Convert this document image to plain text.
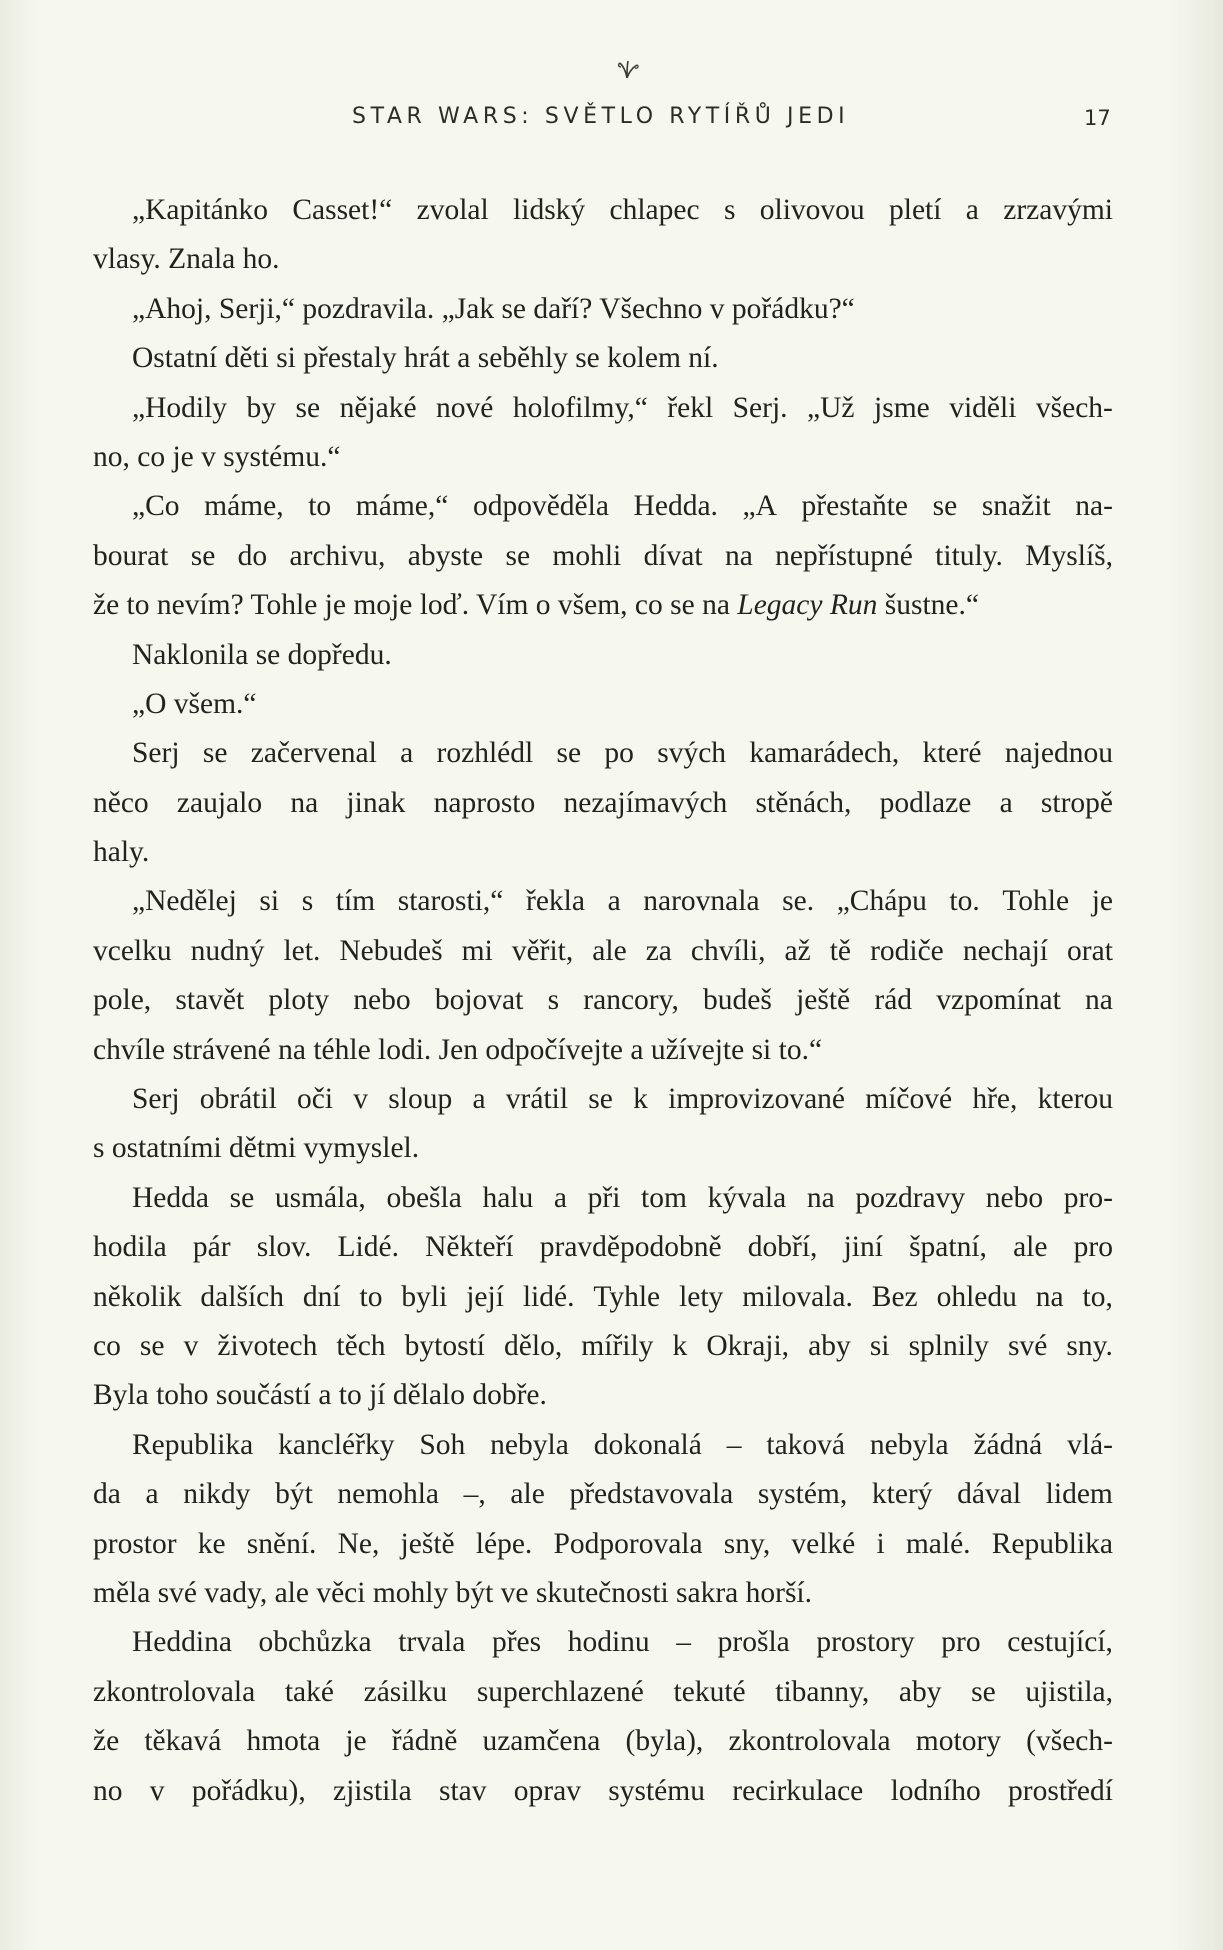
STAR WARS: SVĚTLO RYTÍŘŮ JEDI	17
„Kapitánko Casset!“ zvolal lidský chlapec s olivovou pletí a zrzavými
vlasy. Znala ho.
„Ahoj, Serji,“ pozdravila. „Jak se daří? Všechno v pořádku?“
Ostatní děti si přestaly hrát a seběhly se kolem ní.
„Hodily by se nějaké nové holofilmy,“ řekl Serj. „Už jsme viděli všech-
no, co je v systému.“
„Co máme, to máme,“ odpověděla Hedda. „A přestaňte se snažit na-
bourat se do archivu, abyste se mohli dívat na nepřístupné tituly. Myslíš,
že to nevím? Tohle je moje loď. Vím o všem, co se na
Legacy Run
šustne.“
Naklonila se dopředu.
„O všem.“
Serj se začervenal a rozhlédl se po svých kamarádech, které najednou
něco zaujalo na jinak naprosto nezajímavých stěnách, podlaze a stropě
haly.
„Nedělej si s tím starosti,“ řekla a narovnala se. „Chápu to. Tohle je
vcelku nudný let. Nebudeš mi věřit, ale za chvíli, až tě rodiče nechají orat
pole, stavět ploty nebo bojovat s rancory, budeš ještě rád vzpomínat na
chvíle strávené na téhle lodi. Jen odpočívejte a užívejte si to.“
Serj obrátil oči v sloup a vrátil se k improvizované míčové hře, kterou
s ostatními dětmi vymyslel.
Hedda se usmála, obešla halu a při tom kývala na pozdravy nebo pro-
hodila pár slov. Lidé. Někteří pravděpodobně dobří, jiní špatní, ale pro
několik dalších dní to byli její lidé. Tyhle lety milovala. Bez ohledu na to,
co se v životech těch bytostí dělo, mířily k Okraji, aby si splnily své sny.
Byla toho součástí a to jí dělalo dobře.
Republika kancléřky Soh nebyla dokonalá – taková nebyla žádná vlá-
da a nikdy být nemohla –, ale představovala systém, který dával lidem
prostor ke snění. Ne, ještě lépe. Podporovala sny, velké i malé. Republika
měla své vady, ale věci mohly být ve skutečnosti sakra horší.
Heddina obchůzka trvala přes hodinu – prošla prostory pro cestující,
zkontrolovala také zásilku superchlazené tekuté tibanny, aby se ujistila,
že těkavá hmota je řádně uzamčena (byla), zkontrolovala motory (všech-
no v pořádku), zjistila stav oprav systému recirkulace lodního prostředí
